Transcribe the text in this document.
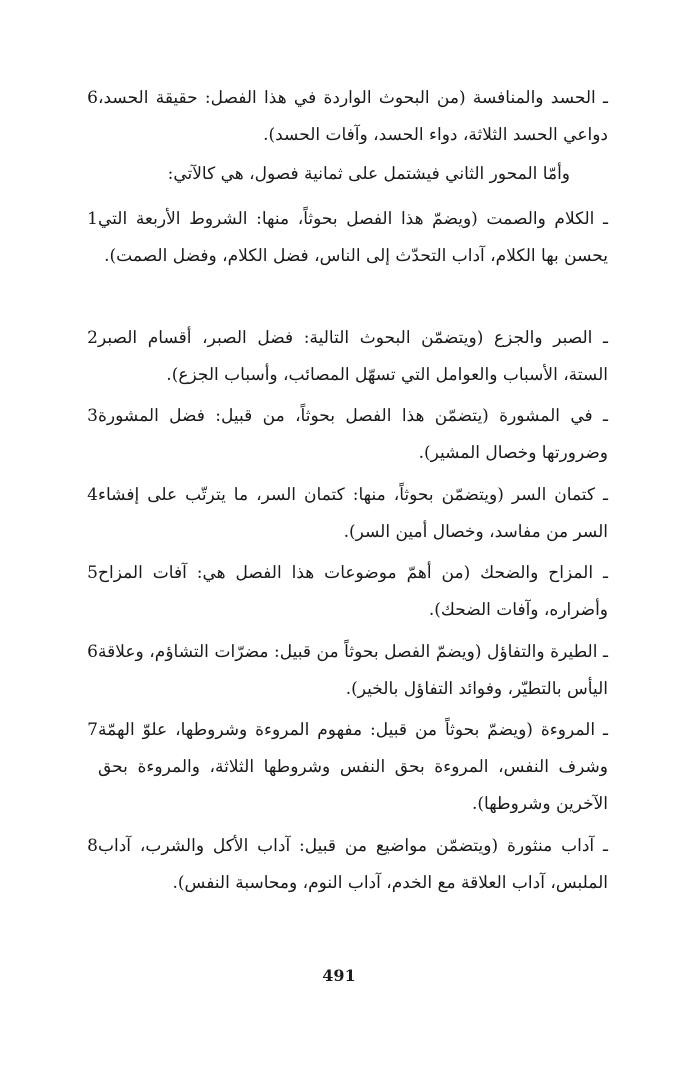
ـ الحسد والمنافسة (من البحوث الواردة في هذا الفصل: حقيقة الحسد، دواعي الحسد الثلاثة، دواء الحسد، وآفات الحسد).
6
وأمّا المحور الثاني فيشتمل على ثمانية فصول، هي كالآتي:
ـ الكلام والصمت (ويضمّ هذا الفصل بحوثاً، منها: الشروط الأربعة التي يحسن بها الكلام، آداب التحدّث إلى الناس، فضل الكلام، وفضل الصمت).
1
ـ الصبر والجزع (ويتضمّن البحوث التالية: فضل الصبر، أقسام الصبر الستة، الأسباب والعوامل التي تسهّل المصائب، وأسباب الجزع).
2
ـ في المشورة (يتضمّن هذا الفصل بحوثاً، من قبيل: فضل المشورة وضرورتها وخصال المشير).
3
ـ كتمان السر (ويتضمّن بحوثاً، منها: كتمان السر، ما يترتّب على إفشاء السر من مفاسد، وخصال أمين السر).
4
ـ المزاح والضحك (من أهمّ موضوعات هذا الفصل هي: آفات المزاح وأضراره، وآفات الضحك).
5
ـ الطيرة والتفاؤل (ويضمّ الفصل بحوثاً من قبيل: مضرّات التشاؤم، وعلاقة اليأس بالتطيّر، وفوائد التفاؤل بالخير).
6
ـ المروءة (ويضمّ بحوثاً من قبيل: مفهوم المروءة وشروطها، علوّ الهمّة وشرف النفس، المروءة بحق النفس وشروطها الثلاثة، والمروءة بحق الآخرين وشروطها).
7
ـ آداب منثورة (ويتضمّن مواضيع من قبيل: آداب الأكل والشرب، آداب الملبس، آداب العلاقة مع الخدم، آداب النوم، ومحاسبة النفس).
8
491
